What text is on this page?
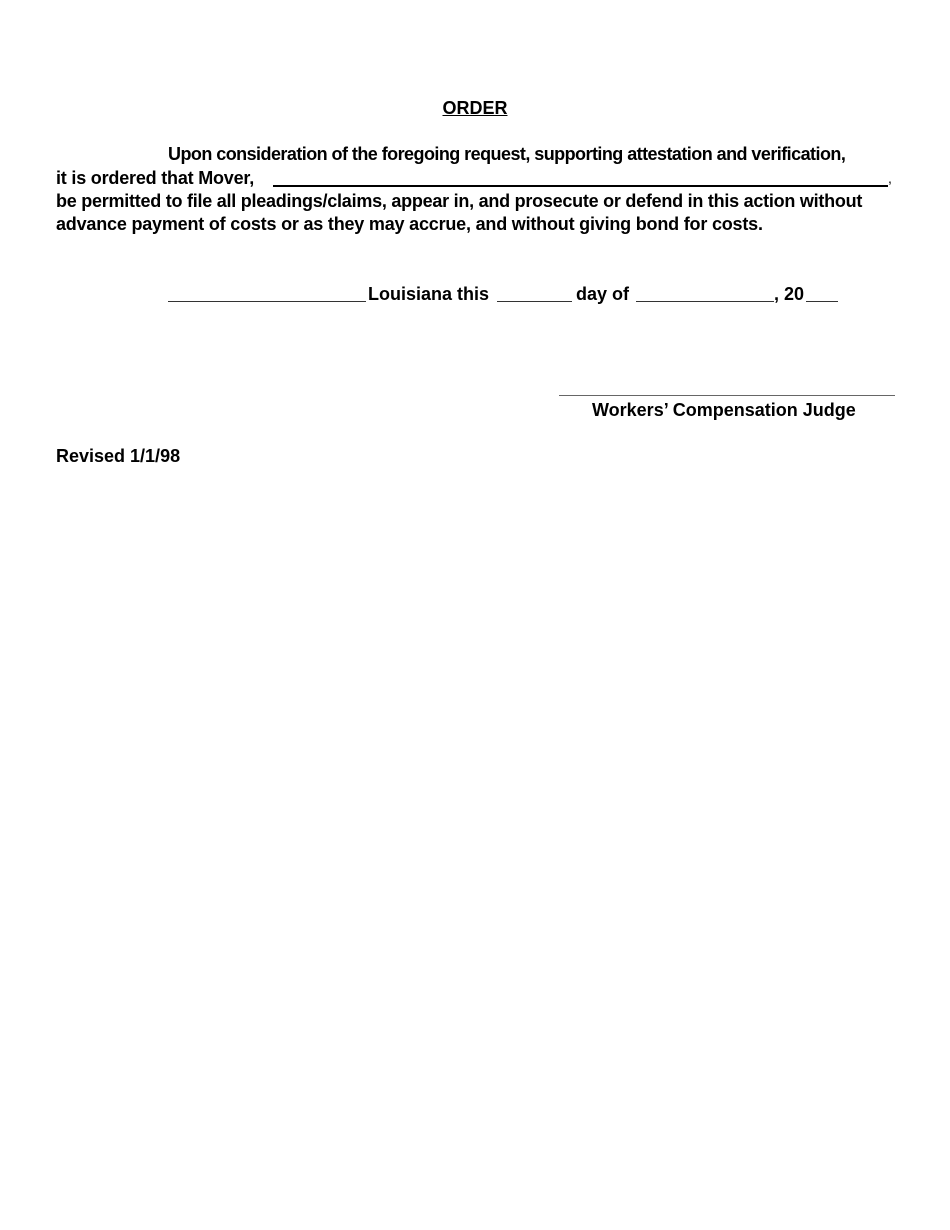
ORDER
Upon consideration of the foregoing request, supporting attestation and verification,
it is ordered that Mover,	,
be permitted to file all pleadings/claims, appear in, and prosecute or defend in this action without
advance payment of costs or as they may accrue, and without giving bond for costs.
Louisiana this	day of	, 20
Workers’ Compensation Judge
Revised 1/1/98
